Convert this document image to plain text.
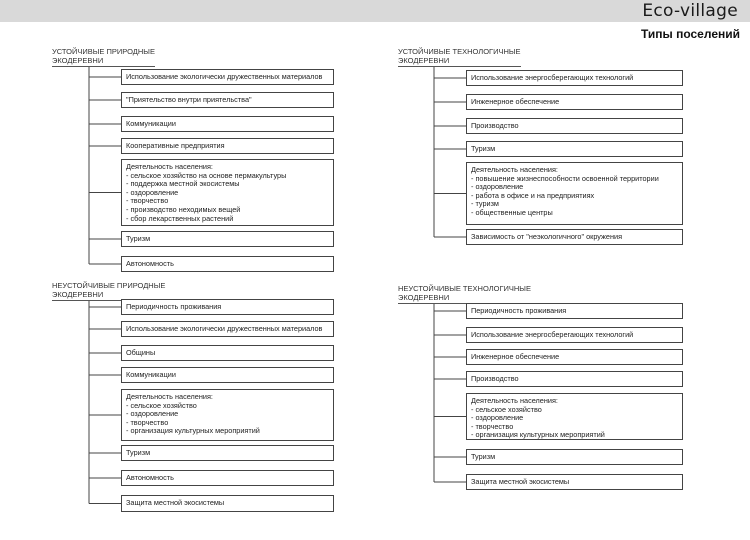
Eco-village
Типы поселений
УСТОЙЧИВЫЕ ПРИРОДНЫЕ
ЭКОДЕРЕВНИ
Использование экологически дружественных материалов
"Приятельство внутри приятельства"
Коммуникации
Кооперативные предприятия
Деятельность населения:
- сельское хозяйство на основе пермакультуры
- поддержка местной экосистемы
- оздоровление
- творчество
- производство неходимых вещей
- сбор лекарственных растений
Туризм
Автономность
УСТОЙЧИВЫЕ ТЕХНОЛОГИЧНЫЕ
ЭКОДЕРЕВНИ
Использование энергосберегающих технологий
Инженерное обеспечение
Производство
Туризм
Деятельность населения:
- повышение жизнеспособности освоенной территории
- оздоровление
- работа в офисе и на предприятиях
- туризм
- общественные центры
Зависимость от "неэкологичного" окружения
НЕУСТОЙЧИВЫЕ ПРИРОДНЫЕ
ЭКОДЕРЕВНИ
Периодичность проживания
Использование экологически дружественных материалов
Общины
Коммуникации
Деятельность населения:
- сельское хозяйство
- оздоровление
- творчество
- организация культурных мероприятий
Туризм
Автономность
Защита местной экосистемы
НЕУСТОЙЧИВЫЕ ТЕХНОЛОГИЧНЫЕ
ЭКОДЕРЕВНИ
Периодичность проживания
Использование энергосберегающих технологий
Инженерное обеспечение
Производство
Деятельность населения:
- сельское хозяйство
- оздоровление
- творчество
- организация культурных мероприятий
Туризм
Защита местной экосистемы
